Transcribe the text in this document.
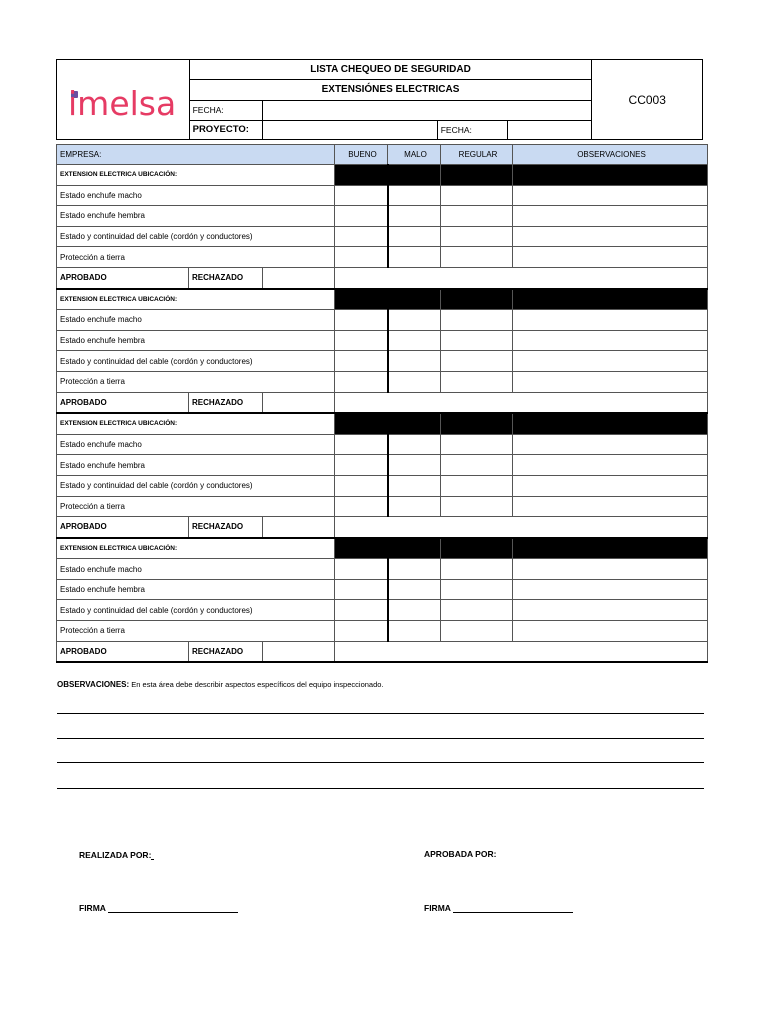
imelsa	LISTA CHEQUEO DE SEGURIDAD				CC003
	EXTENSIÓNES ELECTRICAS				
	FECHA:				
	PROYECTO:		FECHA:		
EMPRESA:			BUENO	MALO	REGULAR	OBSERVACIONES
EXTENSION ELECTRICA UBICACIÓN:						
Estado enchufe macho						
Estado enchufe hembra						
Estado y continuidad del cable (cordón y conductores)						
Protección a tierra						
APROBADO	RECHAZADO					
EXTENSION ELECTRICA UBICACIÓN:						
Estado enchufe macho						
Estado enchufe hembra						
Estado y continuidad del cable (cordón y conductores)						
Protección a tierra						
APROBADO	RECHAZADO					
EXTENSION ELECTRICA UBICACIÓN:						
Estado enchufe macho						
Estado enchufe hembra						
Estado y continuidad del cable (cordón y conductores)						
Protección a tierra						
APROBADO	RECHAZADO					
EXTENSION ELECTRICA UBICACIÓN:						
Estado enchufe macho						
Estado enchufe hembra						
Estado y continuidad del cable (cordón y conductores)						
Protección a tierra						
APROBADO	RECHAZADO					
OBSERVACIONES: En esta área debe describir aspectos específicos del equipo inspeccionado.
REALIZADA POR:	APROBADA POR:
FIRMA	FIRMA
